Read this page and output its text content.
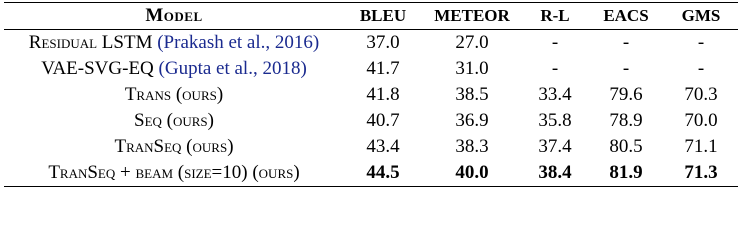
Model	BLEU	METEOR	R-L	EACS	GMS
Residual LSTM (Prakash et al., 2016)	37.0	27.0	-	-	-
VAE-SVG-EQ (Gupta et al., 2018)	41.7	31.0	-	-	-
Trans (ours)	41.8	38.5	33.4	79.6	70.3
Seq (ours)	40.7	36.9	35.8	78.9	70.0
TranSeq (ours)	43.4	38.3	37.4	80.5	71.1
TranSeq + beam (size=10) (ours)	44.5	40.0	38.4	81.9	71.3
